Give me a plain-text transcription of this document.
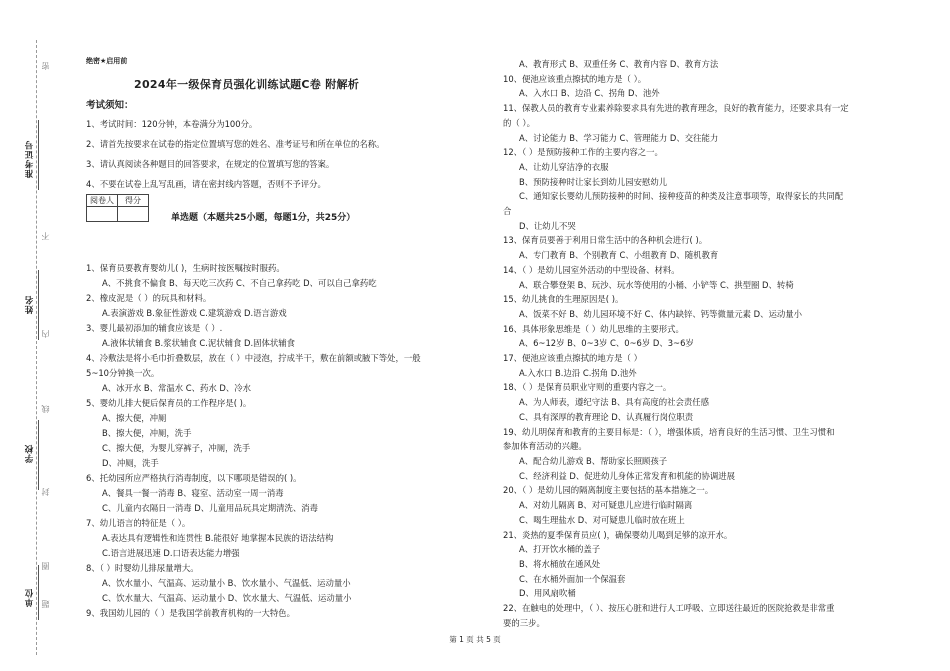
准考证号
姓名
学校
单位
密
不
内
线
封
圈
题
绝密★启用前
2024年一级保育员强化训练试题C卷 附解析
考试须知：
1、考试时间：120分钟，本卷满分为100分。
2、请首先按要求在试卷的指定位置填写您的姓名、准考证号和所在单位的名称。
3、请认真阅读各种题目的回答要求，在规定的位置填写您的答案。
4、不要在试卷上乱写乱画，请在密封线内答题，否则不予评分。
阅卷人	得分

单选题（本题共25小题，每题1分，共25分）
1、保育员要教育婴幼儿( )，生病时按医嘱按时服药。
A、不挑食不偏食 B、每天吃三次药 C、不自己拿药吃 D、可以自己拿药吃
2、橡皮泥是（ ）的玩具和材料。
A.表演游戏 B.象征性游戏 C.建筑游戏 D.语言游戏
3、婴儿最初添加的辅食应该是（ ）.
A.液体状辅食 B.浆状辅食 C.泥状辅食 D.固体状辅食
4、冷敷法是将小毛巾折叠数层，放在（ ）中浸泡，拧成半干，敷在前额或腋下等处，一般
5~10分钟换一次。
A、冰开水 B、常温水 C、药水 D、冷水
5、婴幼儿排大便后保育员的工作程序是( )。
A、擦大便，冲厕
B、擦大便，冲厕，洗手
C、擦大便，为婴儿穿裤子，冲厕，洗手
D、冲厕，洗手
6、托幼园所应严格执行消毒制度，以下哪项是错误的( )。
A、餐具一餐一消毒 B、寝室、活动室一周一消毒
C、儿童内衣隔日一消毒 D、儿童用品玩具定期清洗、消毒
7、幼儿语言的特征是（ ）。
A.表达具有逻辑性和连贯性 B.能很好 地掌握本民族的语法结构
C.语言进展迅速 D.口语表达能力增强
8、（ ）时婴幼儿排尿量增大。
A、饮水量小、气温高、运动量小 B、饮水量小、气温低、运动量小
C、饮水量大、气温高、运动量小 D、饮水量大、气温低、运动量小
9、我国幼儿园的（ ）是我国学前教育机构的一大特色。
A、教育形式 B、双重任务 C、教育内容 D、教育方法
10、便池应该重点擦拭的地方是（ ）。
A、入水口 B、边沿 C、拐角 D、池外
11、保教人员的教育专业素养除要求具有先进的教育理念，良好的教育能力，还要求具有一定
的（ ）。
A、讨论能力 B、学习能力 C、管理能力 D、交往能力
12、（ ）是预防接种工作的主要内容之一。
A、让幼儿穿洁净的衣服
B、预防接种时让家长到幼儿园安慰幼儿
C、通知家长婴幼儿预防接种的时间、接种疫苗的种类及注意事项等，取得家长的共同配
合
D、让幼儿不哭
13、保育员要善于利用日常生活中的各种机会进行( )。
A、专门教育 B、个别教育 C、小组教育 D、随机教育
14、（ ）是幼儿园室外活动的中型设备、材料。
A、联合攀登架 B、玩沙、玩水等使用的小桶、小铲等 C、拱型圈 D、转椅
15、幼儿挑食的生理原因是( )。
A、饭菜不好 B、幼儿园环境不好 C、体内缺锌、钙等微量元素 D、运动量小
16、具体形象思维是（ ）幼儿思维的主要形式。
A、6~12岁 B、0~3岁 C、0~6岁 D、3~6岁
17、便池应该重点擦拭的地方是（ ）
A.入水口 B.边沿 C.拐角 D.池外
18、（ ）是保育员职业守则的重要内容之一。
A、为人师表，遵纪守法 B、具有高度的社会责任感
C、具有深厚的教育理论 D、认真履行岗位职责
19、幼儿明保育和教育的主要目标是：（ ），增强体质，培育良好的生活习惯、卫生习惯和
参加体育活动的兴趣。
A、配合幼儿游戏 B、帮助家长照顾孩子
C、经济利益 D、促进幼儿身体正常发育和机能的协调进展
20、（ ）是幼儿园的隔离制度主要包括的基本措施之一。
A、对幼儿隔离 B、对可疑患儿应进行临时隔离
C、喝生理盐水 D、对可疑患儿临时放在班上
21、炎热的夏季保育员应( )，确保婴幼儿喝到足够的凉开水。
A、打开饮水桶的盖子
B、将水桶放在通风处
C、在水桶外面加一个保温套
D、用风扇吹桶
22、在触电的处理中，（ ）、按压心脏和进行人工呼吸、立即送往最近的医院抢救是非常重
要的三步。
第 1 页 共 5 页
